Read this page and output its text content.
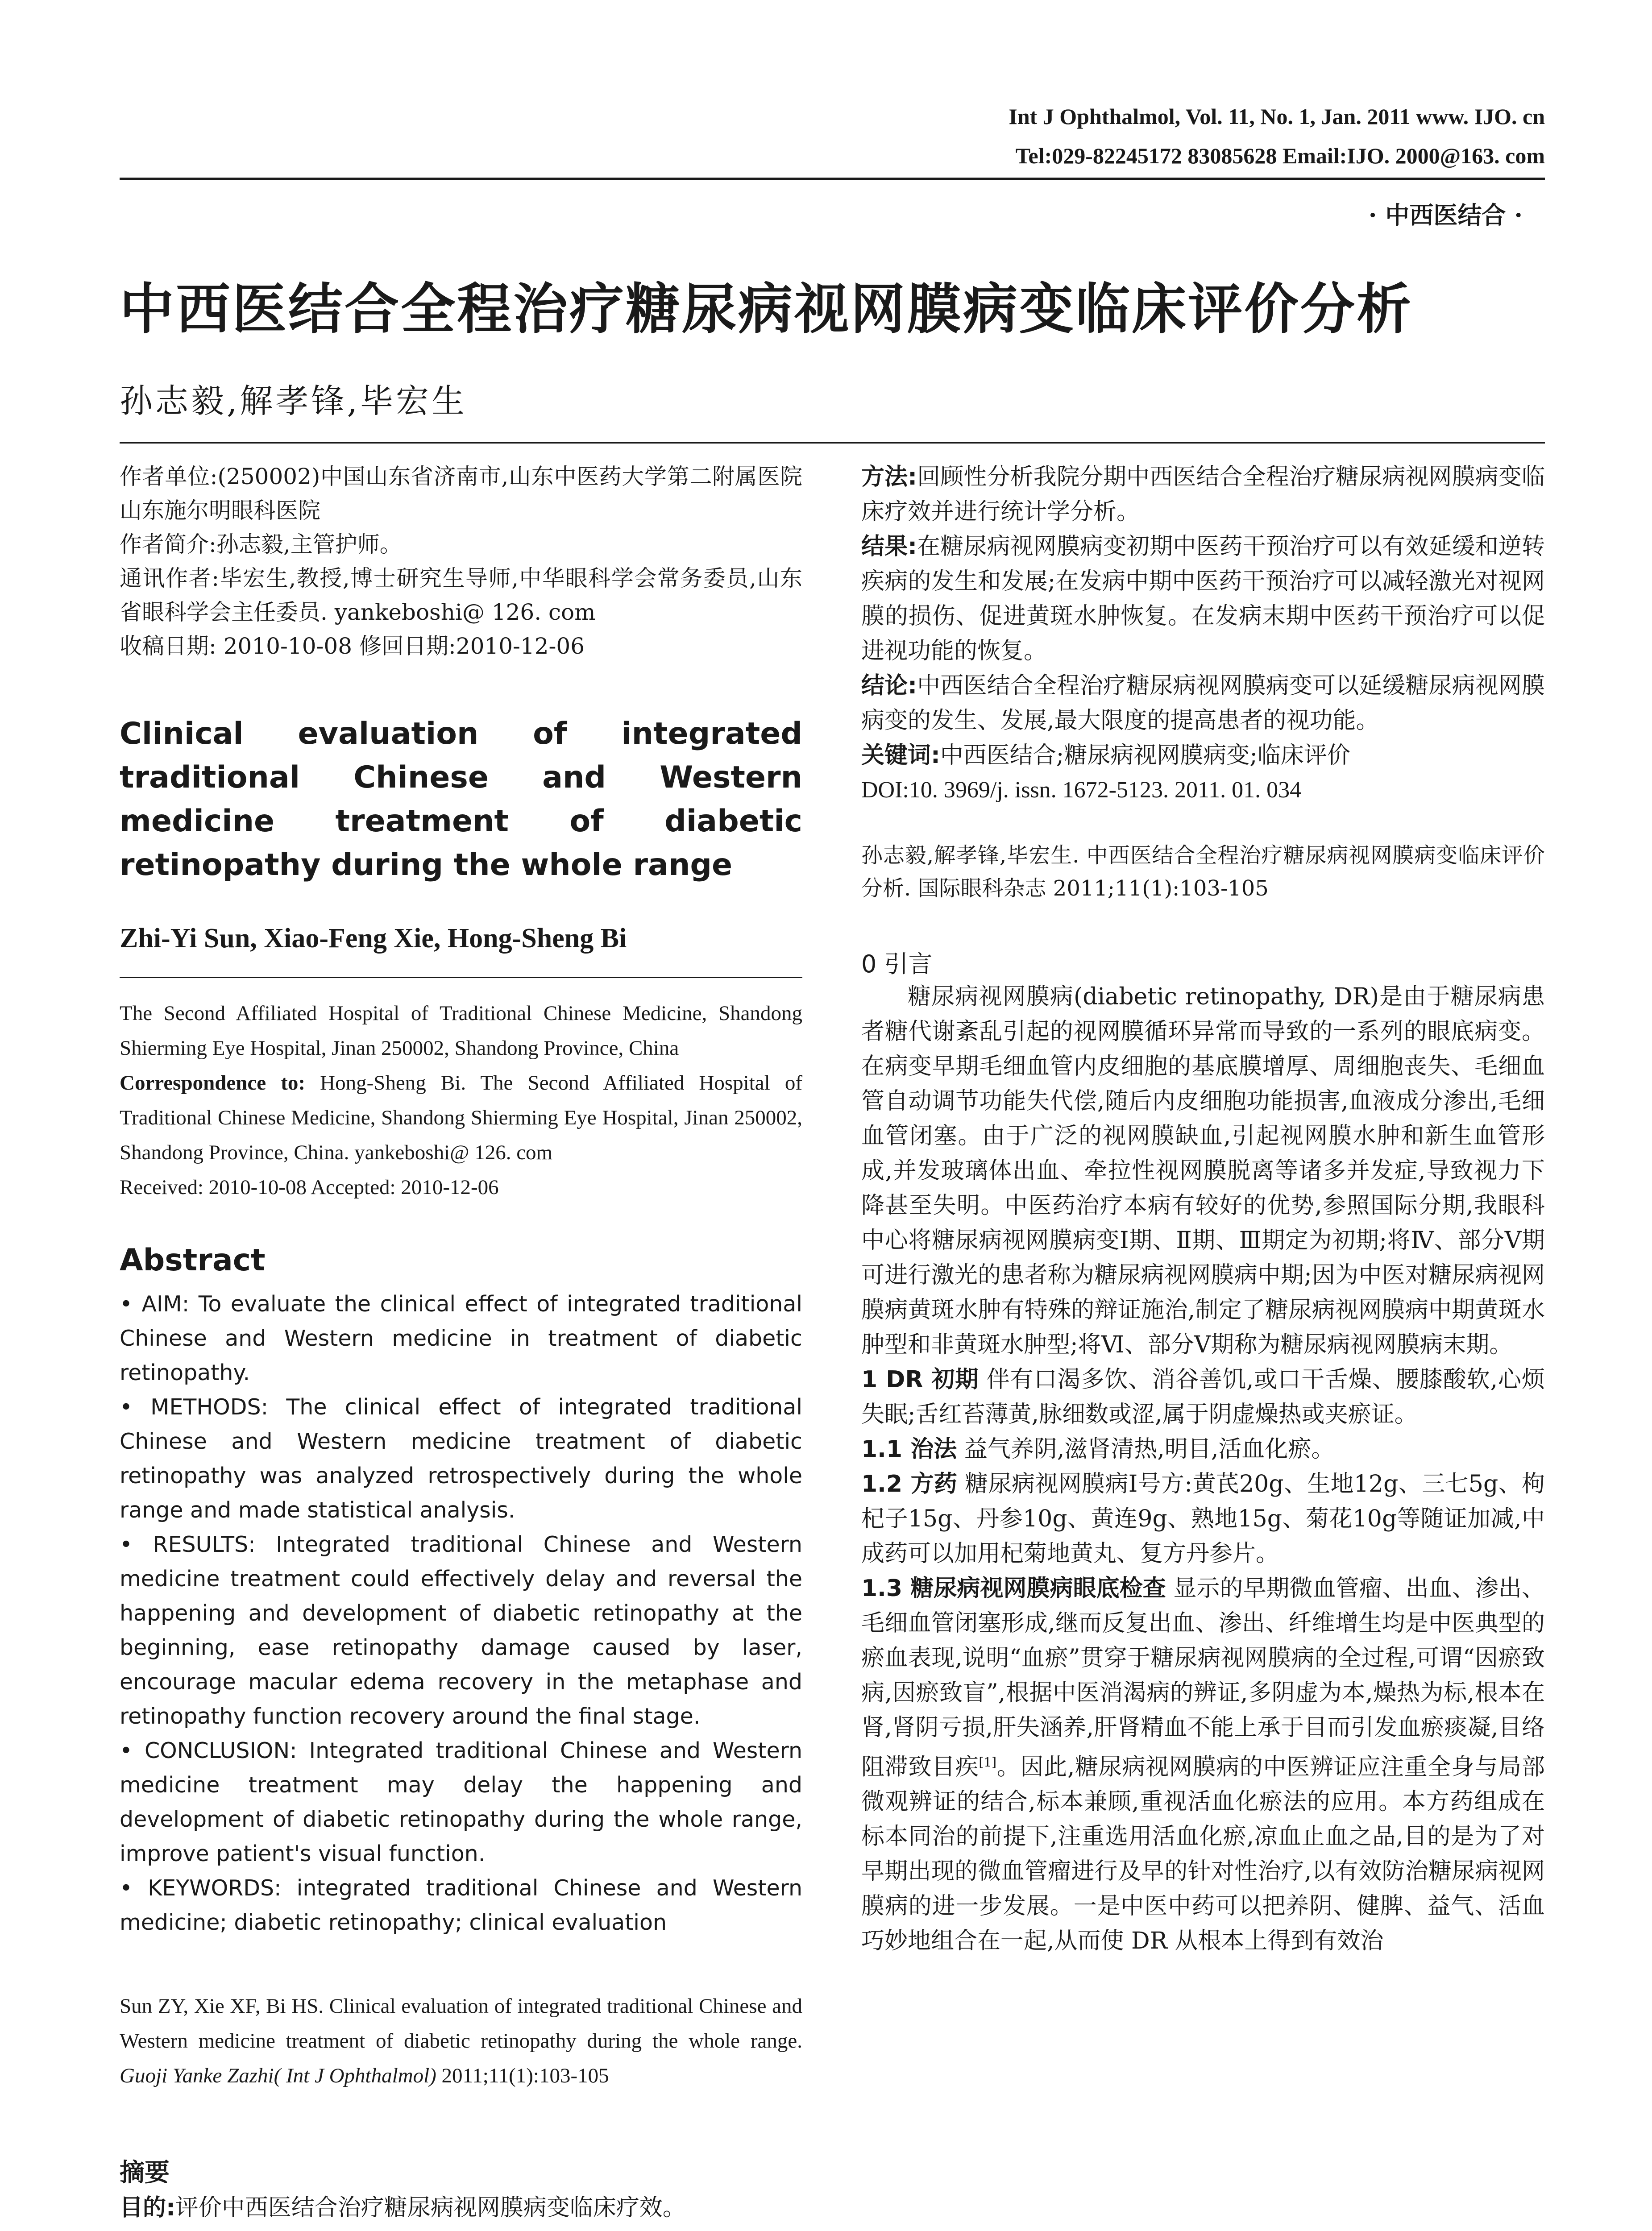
Int J Ophthalmol, Vol. 11, No. 1, Jan. 2011 www. IJO. cn
Tel:029-82245172 83085628 Email:IJO. 2000@163. com
· 中西医结合 ·
中西医结合全程治疗糖尿病视网膜病变临床评价分析
孙志毅,解孝锋,毕宏生
作者单位:(250002)中国山东省济南市,山东中医药大学第二附属医院 山东施尔明眼科医院
作者简介:孙志毅,主管护师。
通讯作者:毕宏生,教授,博士研究生导师,中华眼科学会常务委员,山东省眼科学会主任委员. yankeboshi@ 126. com
收稿日期: 2010-10-08 修回日期:2010-12-06
Clinical evaluation of integrated traditional Chinese and Western medicine treatment of diabetic retinopathy during the whole range
Zhi-Yi Sun, Xiao-Feng Xie, Hong-Sheng Bi
The Second Affiliated Hospital of Traditional Chinese Medicine, Shandong Shierming Eye Hospital, Jinan 250002, Shandong Province, China
Correspondence to: Hong-Sheng Bi. The Second Affiliated Hospital of Traditional Chinese Medicine, Shandong Shierming Eye Hospital, Jinan 250002, Shandong Province, China. yankeboshi@ 126. com
Received: 2010-10-08 Accepted: 2010-12-06
Abstract

• AIM: To evaluate the clinical effect of integrated traditional Chinese and Western medicine in treatment of diabetic retinopathy.

• METHODS: The clinical effect of integrated traditional Chinese and Western medicine treatment of diabetic retinopathy was analyzed retrospectively during the whole range and made statistical analysis.

• RESULTS: Integrated traditional Chinese and Western medicine treatment could effectively delay and reversal the happening and development of diabetic retinopathy at the beginning, ease retinopathy damage caused by laser, encourage macular edema recovery in the metaphase and retinopathy function recovery around the final stage.

• CONCLUSION: Integrated traditional Chinese and Western medicine treatment may delay the happening and development of diabetic retinopathy during the whole range, improve patient's visual function.

• KEYWORDS: integrated traditional Chinese and Western medicine; diabetic retinopathy; clinical evaluation

Sun ZY, Xie XF, Bi HS. Clinical evaluation of integrated traditional Chinese and Western medicine treatment of diabetic retinopathy during the whole range. Guoji Yanke Zazhi( Int J Ophthalmol) 2011;11(1):103-105
摘要
目的:评价中西医结合治疗糖尿病视网膜病变临床疗效。
方法:回顾性分析我院分期中西医结合全程治疗糖尿病视网膜病变临床疗效并进行统计学分析。
结果:在糖尿病视网膜病变初期中医药干预治疗可以有效延缓和逆转疾病的发生和发展;在发病中期中医药干预治疗可以减轻激光对视网膜的损伤、促进黄斑水肿恢复。在发病末期中医药干预治疗可以促进视功能的恢复。
结论:中西医结合全程治疗糖尿病视网膜病变可以延缓糖尿病视网膜病变的发生、发展,最大限度的提高患者的视功能。
关键词:中西医结合;糖尿病视网膜病变;临床评价
DOI:10. 3969/j. issn. 1672-5123. 2011. 01. 034
孙志毅,解孝锋,毕宏生. 中西医结合全程治疗糖尿病视网膜病变临床评价分析. 国际眼科杂志 2011;11(1):103-105
0 引言
糖尿病视网膜病(diabetic retinopathy, DR)是由于糖尿病患者糖代谢紊乱引起的视网膜循环异常而导致的一系列的眼底病变。在病变早期毛细血管内皮细胞的基底膜增厚、周细胞丧失、毛细血管自动调节功能失代偿,随后内皮细胞功能损害,血液成分渗出,毛细血管闭塞。由于广泛的视网膜缺血,引起视网膜水肿和新生血管形成,并发玻璃体出血、牵拉性视网膜脱离等诸多并发症,导致视力下降甚至失明。中医药治疗本病有较好的优势,参照国际分期,我眼科中心将糖尿病视网膜病变Ⅰ期、Ⅱ期、Ⅲ期定为初期;将Ⅳ、部分Ⅴ期可进行激光的患者称为糖尿病视网膜病中期;因为中医对糖尿病视网膜病黄斑水肿有特殊的辩证施治,制定了糖尿病视网膜病中期黄斑水肿型和非黄斑水肿型;将Ⅵ、部分Ⅴ期称为糖尿病视网膜病末期。
1 DR 初期 伴有口渴多饮、消谷善饥,或口干舌燥、腰膝酸软,心烦失眠;舌红苔薄黄,脉细数或涩,属于阴虚燥热或夹瘀证。
1.1 治法 益气养阴,滋肾清热,明目,活血化瘀。
1.2 方药 糖尿病视网膜病Ⅰ号方:黄芪20g、生地12g、三七5g、枸杞子15g、丹参10g、黄连9g、熟地15g、菊花10g等随证加减,中成药可以加用杞菊地黄丸、复方丹参片。
1.3 糖尿病视网膜病眼底检查 显示的早期微血管瘤、出血、渗出、毛细血管闭塞形成,继而反复出血、渗出、纤维增生均是中医典型的瘀血表现,说明“血瘀”贯穿于糖尿病视网膜病的全过程,可谓“因瘀致病,因瘀致盲”,根据中医消渴病的辨证,多阴虚为本,燥热为标,根本在肾,肾阴亏损,肝失涵养,肝肾精血不能上承于目而引发血瘀痰凝,目络阻滞致目疾[1]。因此,糖尿病视网膜病的中医辨证应注重全身与局部微观辨证的结合,标本兼顾,重视活血化瘀法的应用。本方药组成在标本同治的前提下,注重选用活血化瘀,凉血止血之品,目的是为了对早期出现的微血管瘤进行及早的针对性治疗,以有效防治糖尿病视网膜病的进一步发展。一是中医中药可以把养阴、健脾、益气、活血巧妙地组合在一起,从而使 DR 从根本上得到有效治
